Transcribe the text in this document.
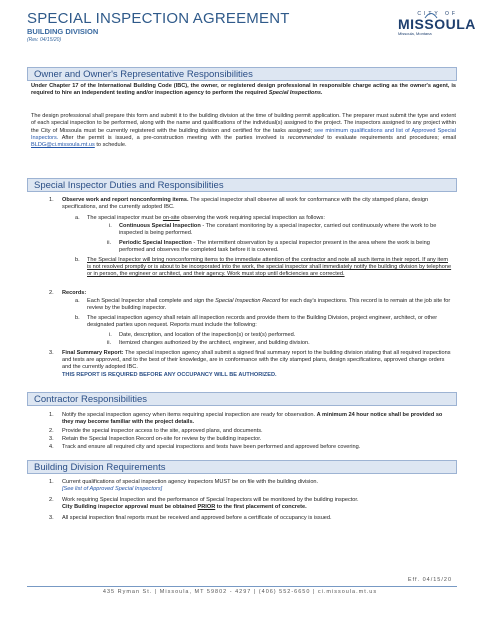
SPECIAL INSPECTION AGREEMENT
BUILDING DIVISION
(Rev. 04/15/20)
CITY OF
MISSOULA
Missoula, Montana
Owner and Owner's Representative Responsibilities
Under Chapter 17 of the International Building Code (IBC), the owner, or registered design professional in responsible charge acting as the owner's agent, is required to hire an independent testing and/or inspection agency to perform the required Special Inspections.
The design professional shall prepare this form and submit it to the building division at the time of building permit application. The preparer must submit the type and extent of each special inspection to be performed, along with the name and qualifications of the individual(s) assigned to the project. The inspectors assigned to any project within the City of Missoula must be currently registered with the building division and certified for the tasks assigned; see minimum qualifications and list of Approved Special Inspectors. After the permit is issued, a pre-construction meeting with the parties involved is recommended to evaluate requirements and procedures; email BLDG@ci.missoula.mt.us to schedule.
Special Inspector Duties and Responsibilities
1.	Observe work and report nonconforming items. The special inspector shall observe all work for conformance with the city stamped plans, design specifications, and the currently adopted IBC.
a. The special inspector must be on-site observing the work requiring special inspection as follows:
i. Continuous Special Inspection - The constant monitoring by a special inspector, carried out continuously where the work to be inspected is being performed.
ii. Periodic Special Inspection - The intermittent observation by a special inspector present in the area where the work is being performed and observes the completed task before it is covered.
b. The Special Inspector will bring nonconforming items to the immediate attention of the contractor and note all such items in their report. If any item is not resolved promptly or is about to be incorporated into the work, the special inspector shall immediately notify the building division by telephone or in person, the engineer or architect, and their agency. Work must stop until deficiencies are corrected.
2. Records:
a. Each Special Inspector shall complete and sign the Special Inspection Record for each day's inspections. This record is to remain at the job site for review by the building inspector.
b. The special inspection agency shall retain all inspection records and provide them to the Building Division, project engineer, architect, or other designated parties upon request. Reports must include the following:
i. Date, description, and location of the inspection(s) or test(s) performed.
ii. Itemized changes authorized by the architect, engineer, and building division.
3. Final Summary Report: The special inspection agency shall submit a signed final summary report to the building division stating that all required inspections and tests are approved, and to the best of their knowledge, are in conformance with the city stamped plans, design specifications, approved change orders and the currently adopted IBC.
THIS REPORT IS REQUIRED BEFORE ANY OCCUPANCY WILL BE AUTHORIZED.
Contractor Responsibilities
1. Notify the special inspection agency when items requiring special inspection are ready for observation. A minimum 24 hour notice shall be provided so they may become familiar with the project details.
2. Provide the special inspector access to the site, approved plans, and documents.
3. Retain the Special Inspection Record on-site for review by the building inspector.
4. Track and ensure all required city and special inspections and tests have been performed and approved before covering.
Building Division Requirements
1. Current qualifications of special inspection agency inspectors MUST be on file with the building division.
[See list of Approved Special Inspectors]
2. Work requiring Special Inspection and the performance of Special Inspectors will be monitored by the building inspector.
City Building inspector approval must be obtained PRIOR to the first placement of concrete.
3. All special inspection final reports must be received and approved before a certificate of occupancy is issued.
Eff. 04/15/20
435 Ryman St. | Missoula, MT 59802 - 4297 | (406) 552-6650 | ci.missoula.mt.us
